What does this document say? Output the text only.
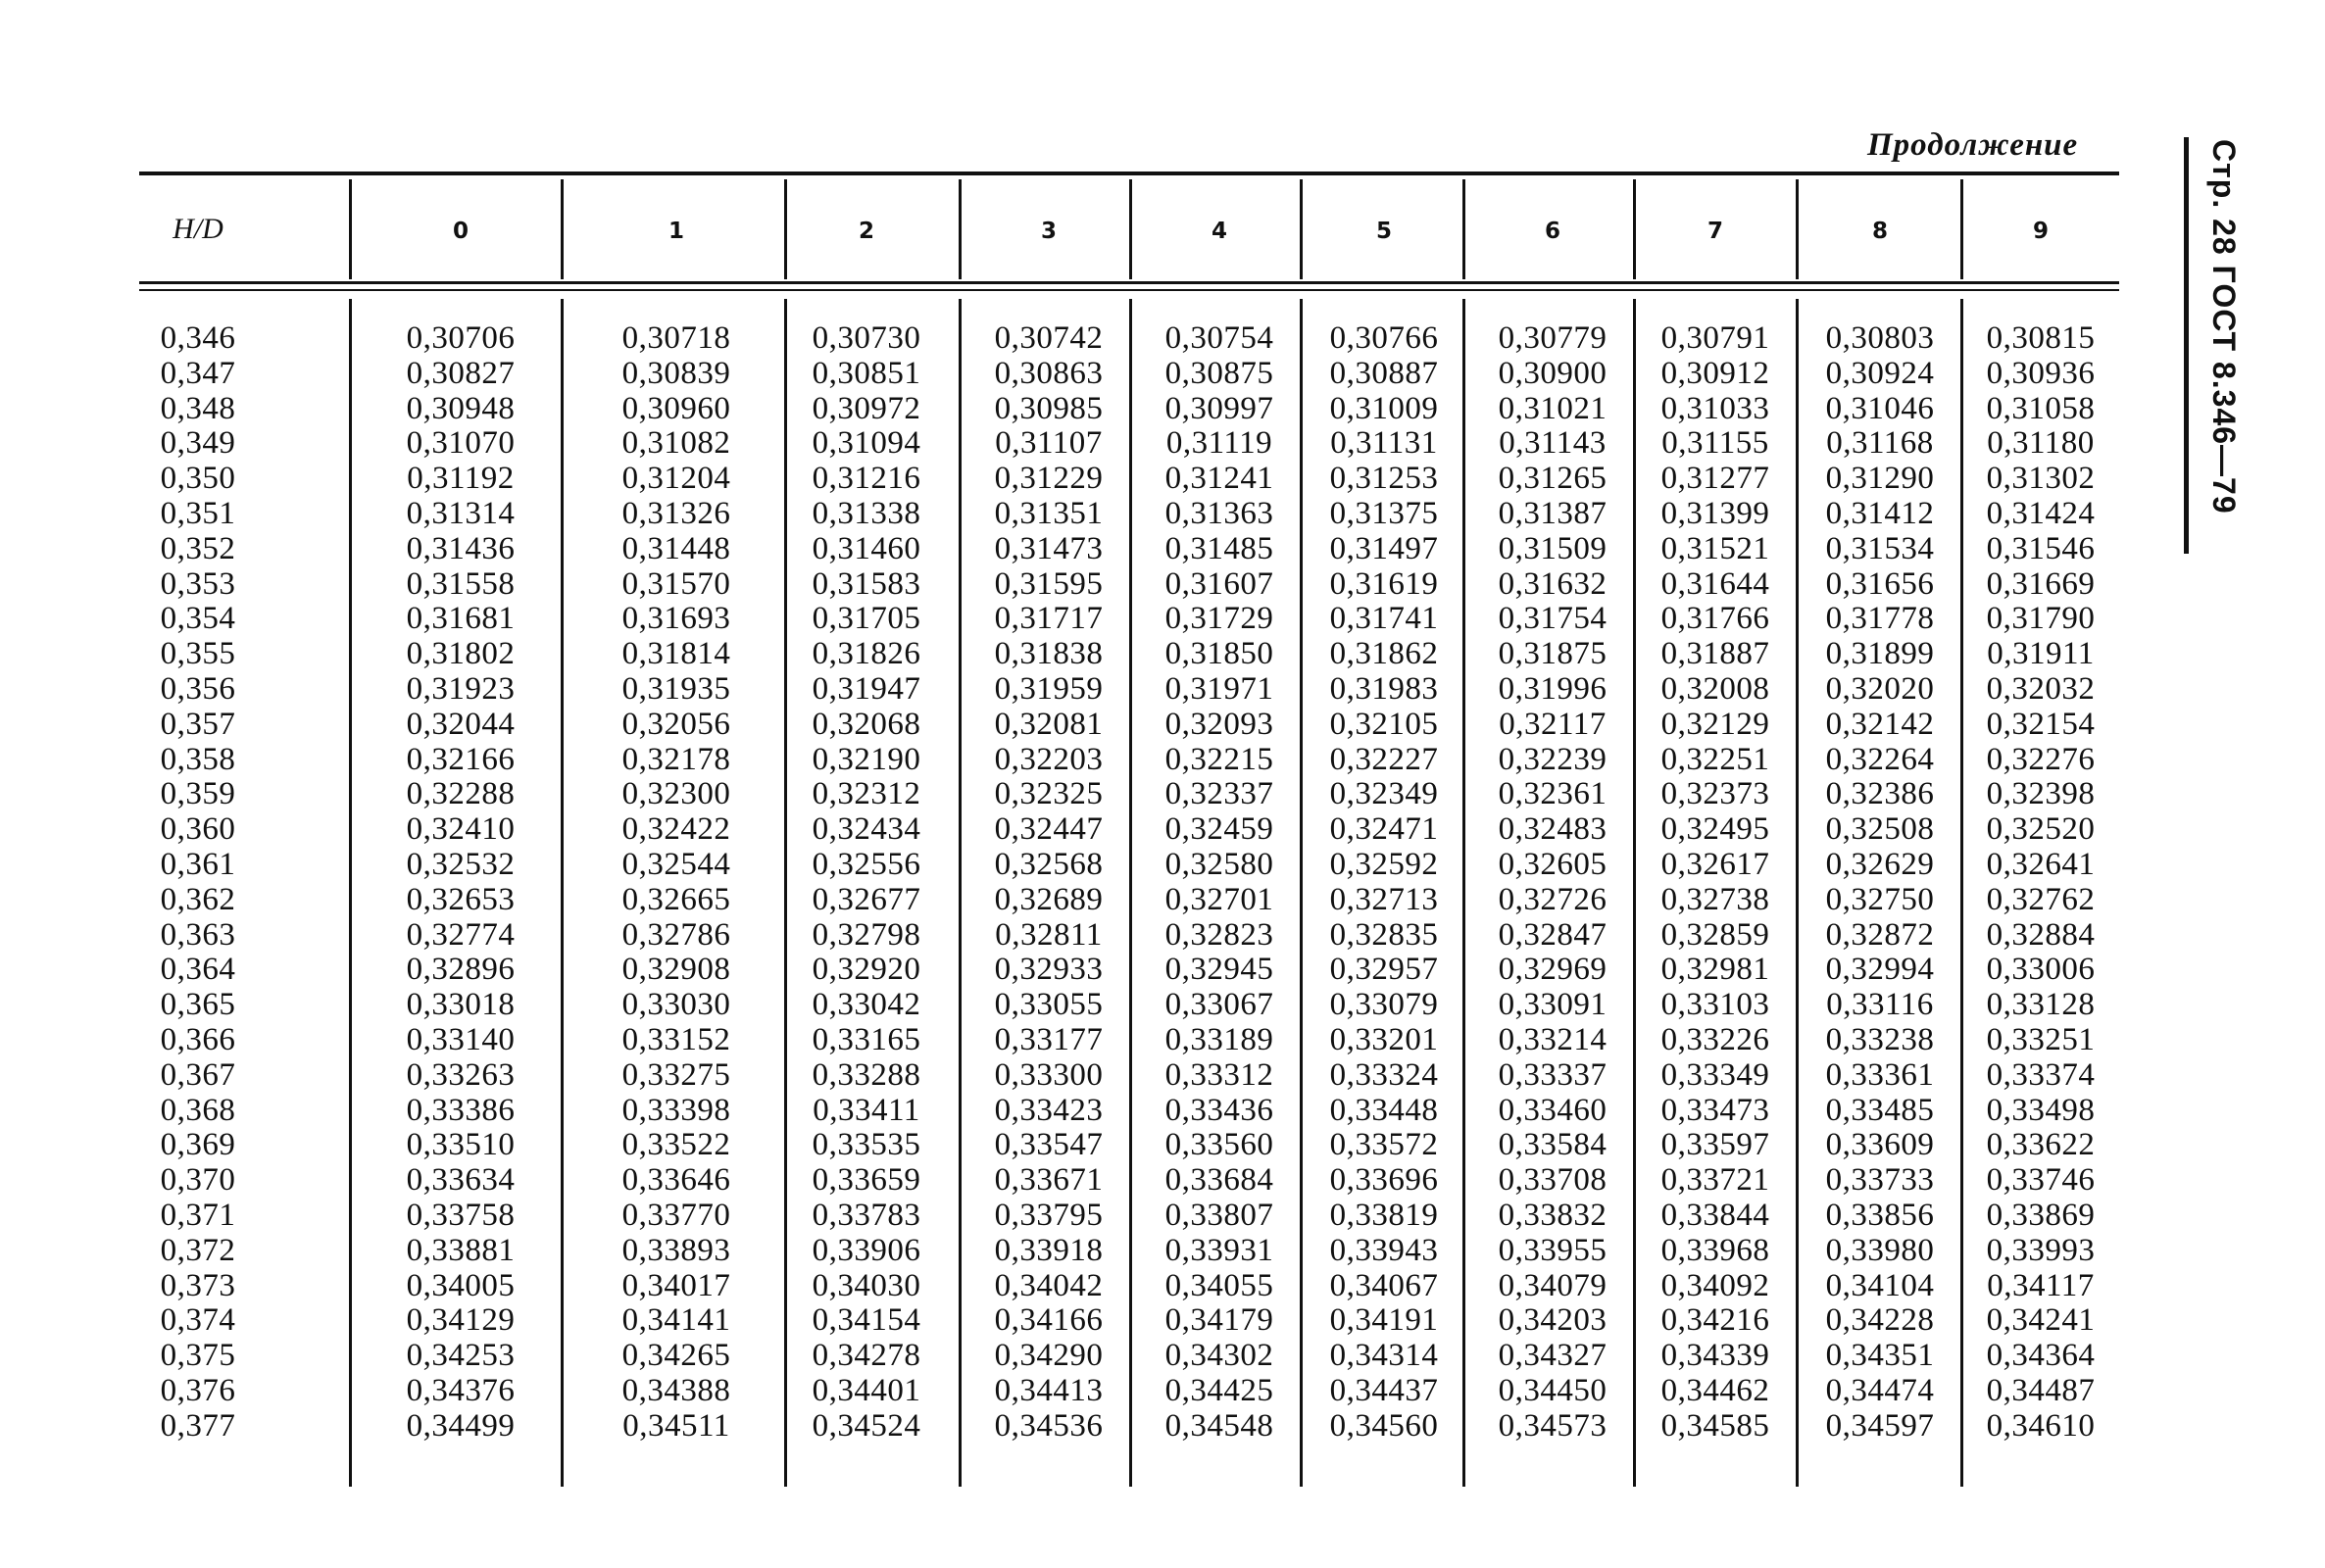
Продолжение	Стр. 28 ГОСТ 8.346—79
H/D	0	1	2	3	4	5	6	7	8	9
0,346	0,30706	0,30718	0,30730	0,30742	0,30754	0,30766	0,30779	0,30791	0,30803	0,30815
0,347	0,30827	0,30839	0,30851	0,30863	0,30875	0,30887	0,30900	0,30912	0,30924	0,30936
0,348	0,30948	0,30960	0,30972	0,30985	0,30997	0,31009	0,31021	0,31033	0,31046	0,31058
0,349	0,31070	0,31082	0,31094	0,31107	0,31119	0,31131	0,31143	0,31155	0,31168	0,31180
0,350	0,31192	0,31204	0,31216	0,31229	0,31241	0,31253	0,31265	0,31277	0,31290	0,31302
0,351	0,31314	0,31326	0,31338	0,31351	0,31363	0,31375	0,31387	0,31399	0,31412	0,31424
0,352	0,31436	0,31448	0,31460	0,31473	0,31485	0,31497	0,31509	0,31521	0,31534	0,31546
0,353	0,31558	0,31570	0,31583	0,31595	0,31607	0,31619	0,31632	0,31644	0,31656	0,31669
0,354	0,31681	0,31693	0,31705	0,31717	0,31729	0,31741	0,31754	0,31766	0,31778	0,31790
0,355	0,31802	0,31814	0,31826	0,31838	0,31850	0,31862	0,31875	0,31887	0,31899	0,31911
0,356	0,31923	0,31935	0,31947	0,31959	0,31971	0,31983	0,31996	0,32008	0,32020	0,32032
0,357	0,32044	0,32056	0,32068	0,32081	0,32093	0,32105	0,32117	0,32129	0,32142	0,32154
0,358	0,32166	0,32178	0,32190	0,32203	0,32215	0,32227	0,32239	0,32251	0,32264	0,32276
0,359	0,32288	0,32300	0,32312	0,32325	0,32337	0,32349	0,32361	0,32373	0,32386	0,32398
0,360	0,32410	0,32422	0,32434	0,32447	0,32459	0,32471	0,32483	0,32495	0,32508	0,32520
0,361	0,32532	0,32544	0,32556	0,32568	0,32580	0,32592	0,32605	0,32617	0,32629	0,32641
0,362	0,32653	0,32665	0,32677	0,32689	0,32701	0,32713	0,32726	0,32738	0,32750	0,32762
0,363	0,32774	0,32786	0,32798	0,32811	0,32823	0,32835	0,32847	0,32859	0,32872	0,32884
0,364	0,32896	0,32908	0,32920	0,32933	0,32945	0,32957	0,32969	0,32981	0,32994	0,33006
0,365	0,33018	0,33030	0,33042	0,33055	0,33067	0,33079	0,33091	0,33103	0,33116	0,33128
0,366	0,33140	0,33152	0,33165	0,33177	0,33189	0,33201	0,33214	0,33226	0,33238	0,33251
0,367	0,33263	0,33275	0,33288	0,33300	0,33312	0,33324	0,33337	0,33349	0,33361	0,33374
0,368	0,33386	0,33398	0,33411	0,33423	0,33436	0,33448	0,33460	0,33473	0,33485	0,33498
0,369	0,33510	0,33522	0,33535	0,33547	0,33560	0,33572	0,33584	0,33597	0,33609	0,33622
0,370	0,33634	0,33646	0,33659	0,33671	0,33684	0,33696	0,33708	0,33721	0,33733	0,33746
0,371	0,33758	0,33770	0,33783	0,33795	0,33807	0,33819	0,33832	0,33844	0,33856	0,33869
0,372	0,33881	0,33893	0,33906	0,33918	0,33931	0,33943	0,33955	0,33968	0,33980	0,33993
0,373	0,34005	0,34017	0,34030	0,34042	0,34055	0,34067	0,34079	0,34092	0,34104	0,34117
0,374	0,34129	0,34141	0,34154	0,34166	0,34179	0,34191	0,34203	0,34216	0,34228	0,34241
0,375	0,34253	0,34265	0,34278	0,34290	0,34302	0,34314	0,34327	0,34339	0,34351	0,34364
0,376	0,34376	0,34388	0,34401	0,34413	0,34425	0,34437	0,34450	0,34462	0,34474	0,34487
0,377	0,34499	0,34511	0,34524	0,34536	0,34548	0,34560	0,34573	0,34585	0,34597	0,34610
